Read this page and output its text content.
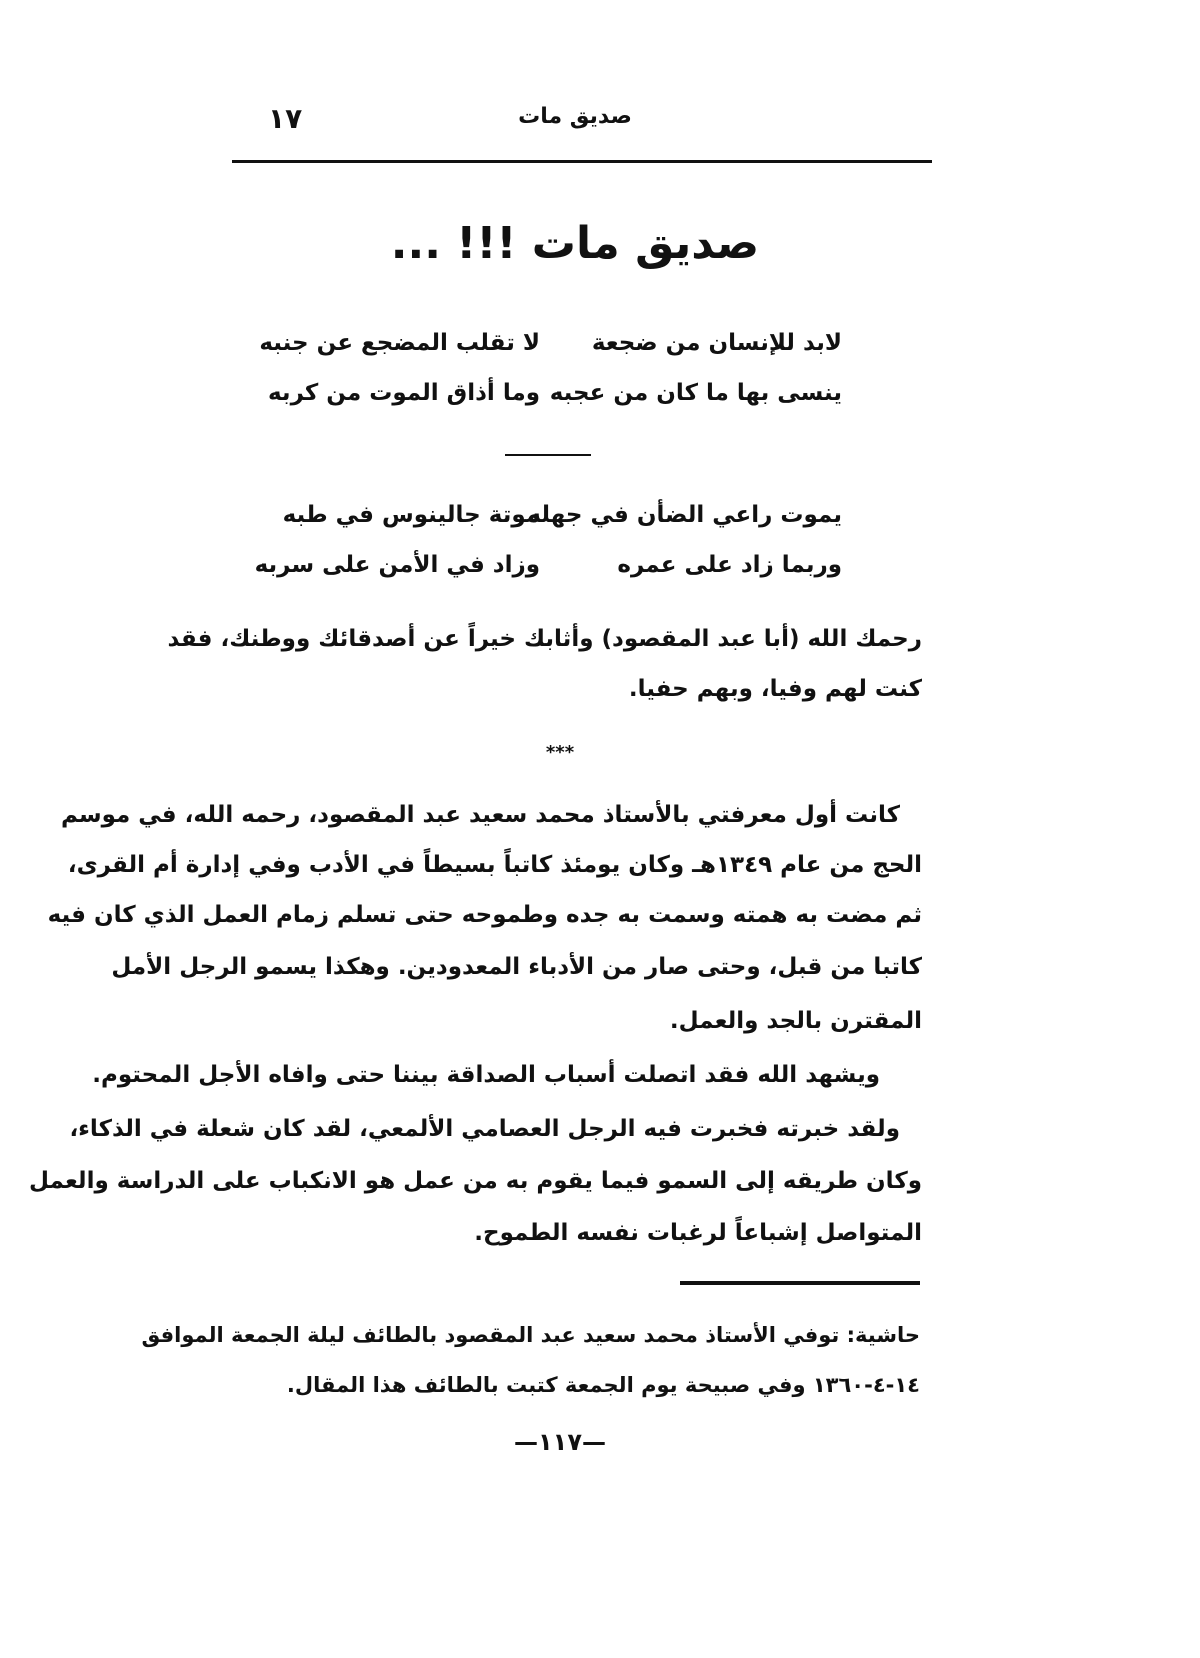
١٧	صديق مات
صديق مات !!! ...
لابد للإنسان من ضجعة
لا تقلب المضجع عن جنبه
ينسى بها ما كان من عجبه
وما أذاق الموت من كربه
يموت راعي الضأن في جهله
موتة جالينوس في طبه
وربما زاد على عمره
وزاد في الأمن على سربه
رحمك الله (أبا عبد المقصود) وأثابك خيراً عن أصدقائك ووطنك، فقد
كنت لهم وفيا، وبهم حفيا.
***
كانت أول معرفتي بالأستاذ محمد سعيد عبد المقصود، رحمه الله، في موسم
الحج من عام ١٣٤٩هـ وكان يومئذ كاتباً بسيطاً في الأدب وفي إدارة أم القرى،
ثم مضت به همته وسمت به جده وطموحه حتى تسلم زمام العمل الذي كان فيه
كاتبا من قبل، وحتى صار من الأدباء المعدودين. وهكذا يسمو الرجل الأمل
المقترن بالجد والعمل.
ويشهد الله فقد اتصلت أسباب الصداقة بيننا حتى وافاه الأجل المحتوم.
ولقد خبرته فخبرت فيه الرجل العصامي الألمعي، لقد كان شعلة في الذكاء،
وكان طريقه إلى السمو فيما يقوم به من عمل هو الانكباب على الدراسة والعمل
المتواصل إشباعاً لرغبات نفسه الطموح.
حاشية: توفي الأستاذ محمد سعيد عبد المقصود بالطائف ليلة الجمعة الموافق
١٤-٤-١٣٦٠ وفي صبيحة يوم الجمعة كتبت بالطائف هذا المقال.
—١١٧—
